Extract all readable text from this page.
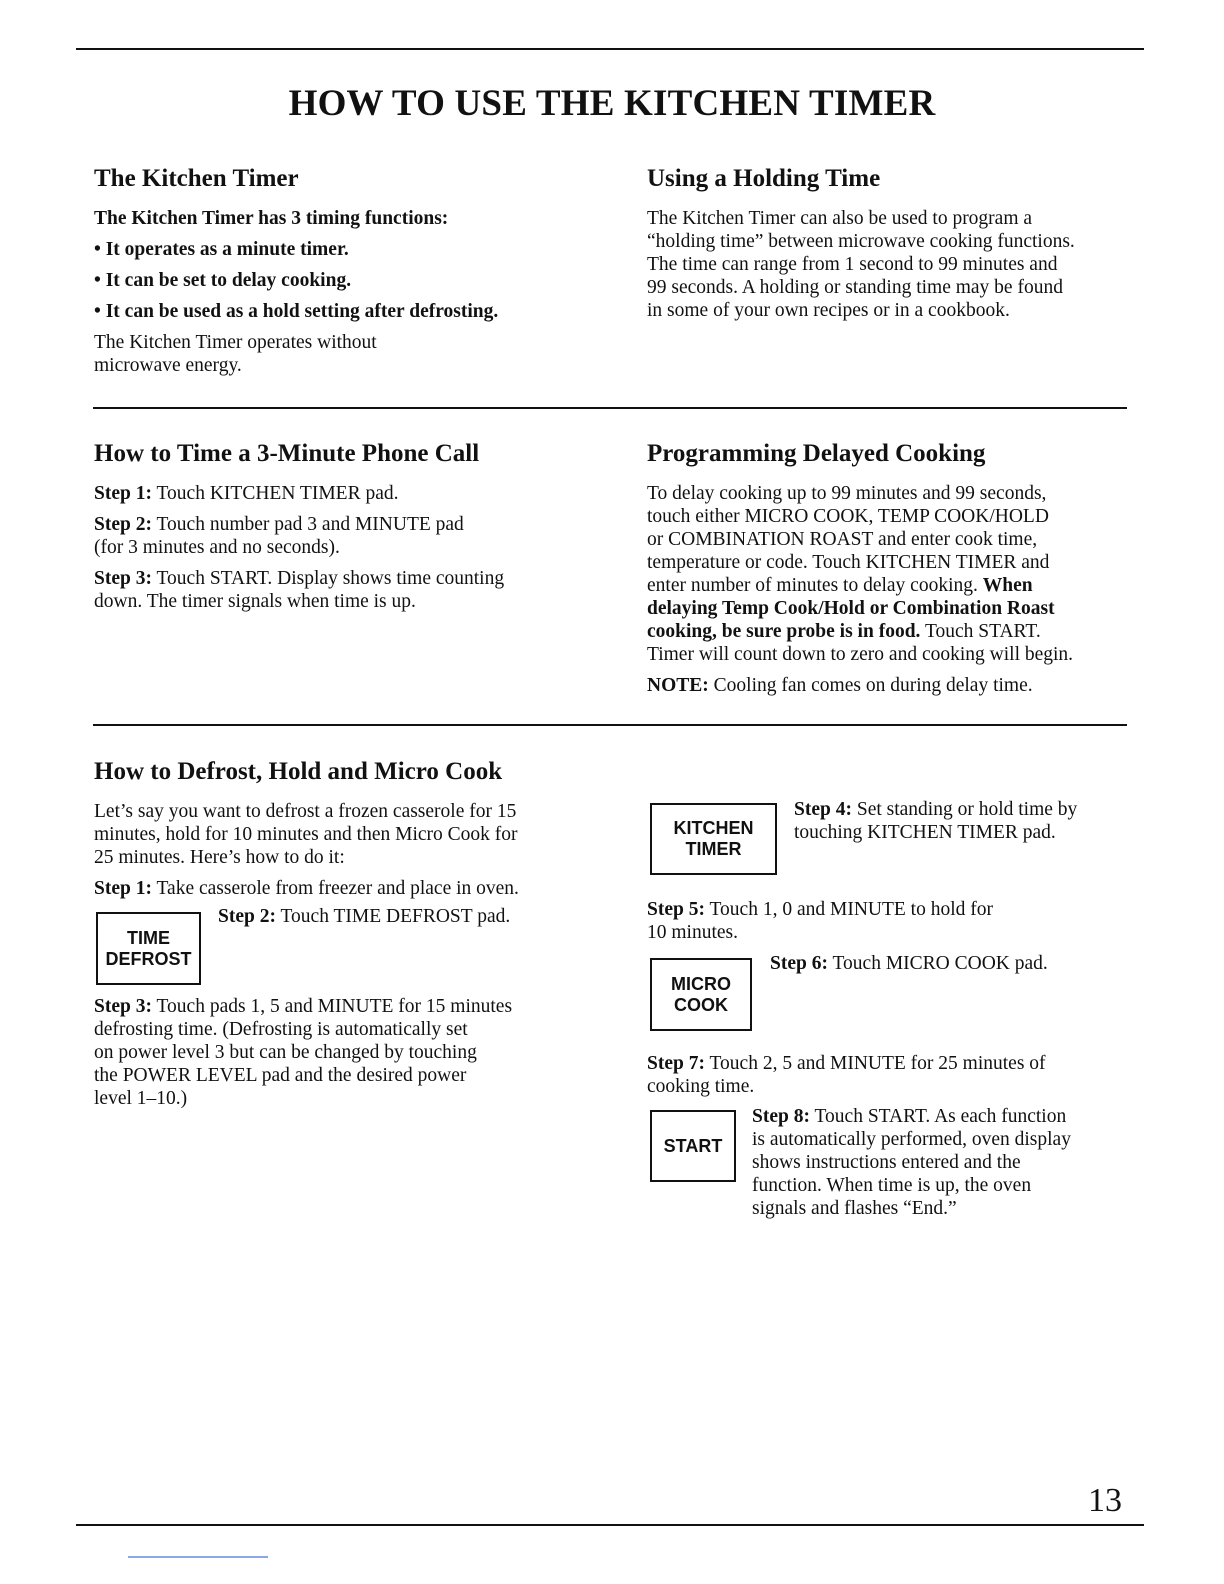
HOW TO USE THE KITCHEN TIMER
The Kitchen Timer

The Kitchen Timer has 3 timing functions:

• It operates as a minute timer.

• It can be set to delay cooking.

• It can be used as a hold setting after defrosting.

The Kitchen Timer operates without
microwave energy.
Using a Holding Time
The Kitchen Timer can also be used to program a
“holding time” between microwave cooking functions.
The time can range from 1 second to 99 minutes and
99 seconds. A holding or standing time may be found
in some of your own recipes or in a cookbook.
How to Time a 3-Minute Phone Call

Step 1: Touch KITCHEN TIMER pad.

Step 2: Touch number pad 3 and MINUTE pad
(for 3 minutes and no seconds).

Step 3: Touch START. Display shows time counting
down. The timer signals when time is up.

Programming Delayed Cooking
To delay cooking up to 99 minutes and 99 seconds,
touch either MICRO COOK, TEMP COOK/HOLD
or COMBINATION ROAST and enter cook time,
temperature or code. Touch KITCHEN TIMER and
enter number of minutes to delay cooking. When
delaying Temp Cook/Hold or Combination Roast
cooking, be sure probe is in food. Touch START.
Timer will count down to zero and cooking will begin.
NOTE: Cooling fan comes on during delay time.
How to Defrost, Hold and Micro Cook
Let’s say you want to defrost a frozen casserole for 15
minutes, hold for 10 minutes and then Micro Cook for
25 minutes. Here’s how to do it:
Step 1: Take casserole from freezer and place in oven.
TIME
DEFROST
Step 2: Touch TIME DEFROST pad.
Step 3: Touch pads 1, 5 and MINUTE for 15 minutes
defrosting time. (Defrosting is automatically set
on power level 3 but can be changed by touching
the POWER LEVEL pad and the desired power
level 1–10.)
KITCHEN
TIMER
Step 4: Set standing or hold time by
touching KITCHEN TIMER pad.
Step 5: Touch 1, 0 and MINUTE to hold for
10 minutes.
MICRO
COOK
Step 6: Touch MICRO COOK pad.
Step 7: Touch 2, 5 and MINUTE for 25 minutes of
cooking time.
START
Step 8: Touch START. As each function
is automatically performed, oven display
shows instructions entered and the
function. When time is up, the oven
signals and flashes “End.”
13
